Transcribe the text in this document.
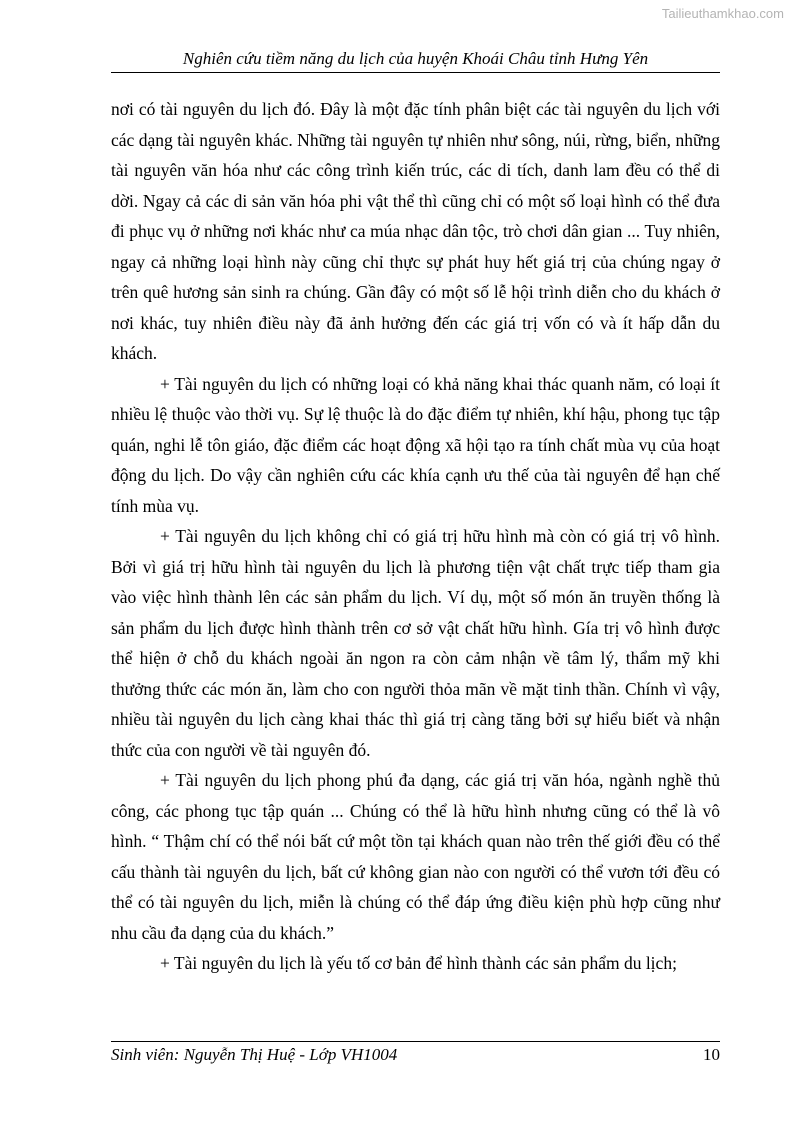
Tailieuthamkhao.com
Nghiên cứu tiềm năng du lịch của huyện Khoái Châu tỉnh Hưng Yên

nơi có tài nguyên du lịch đó. Đây là một đặc tính phân biệt các tài nguyên du lịch với các dạng tài nguyên khác. Những tài nguyên tự nhiên như sông, núi, rừng, biển, những tài nguyên văn hóa như các công trình kiến trúc, các di tích, danh lam đều có thể di dời. Ngay cả các di sản văn hóa phi vật thể thì cũng chỉ có một số loại hình có thể đưa đi phục vụ ở những nơi khác như ca múa nhạc dân tộc, trò chơi dân gian ... Tuy nhiên, ngay cả những loại hình này cũng chỉ thực sự phát huy hết giá trị của chúng ngay ở trên quê hương sản sinh ra chúng. Gần đây có một số lễ hội trình diễn cho du khách ở nơi khác, tuy nhiên điều này đã ảnh hưởng đến các giá trị vốn có và ít hấp dẫn du khách.

+ Tài nguyên du lịch có những loại có khả năng khai thác quanh năm, có loại ít nhiều lệ thuộc vào thời vụ. Sự lệ thuộc là do đặc điểm tự nhiên, khí hậu, phong tục tập quán, nghi lễ tôn giáo, đặc điểm các hoạt động xã hội tạo ra tính chất mùa vụ của hoạt động du lịch. Do vậy cần nghiên cứu các khía cạnh ưu thế của tài nguyên để hạn chế tính mùa vụ.

+ Tài nguyên du lịch không chỉ có giá trị hữu hình mà còn có giá trị vô hình. Bởi vì giá trị hữu hình tài nguyên du lịch là phương tiện vật chất trực tiếp tham gia vào việc hình thành lên các sản phẩm du lịch. Ví dụ, một số món ăn truyền thống là sản phẩm du lịch được hình thành trên cơ sở vật chất hữu hình. Gía trị vô hình được thể hiện ở chỗ du khách ngoài ăn ngon ra còn cảm nhận về tâm lý, thẩm mỹ khi thưởng thức các món ăn, làm cho con người thỏa mãn về mặt tinh thần. Chính vì vậy, nhiều tài nguyên du lịch càng khai thác thì giá trị càng tăng bởi sự hiểu biết và nhận thức của con người về tài nguyên đó.

+ Tài nguyên du lịch phong phú đa dạng, các giá trị văn hóa, ngành nghề thủ công, các phong tục tập quán ... Chúng có thể là hữu hình nhưng cũng có thể là vô hình. “ Thậm chí có thể nói bất cứ một tồn tại khách quan nào trên thế giới đều có thể cấu thành tài nguyên du lịch, bất cứ không gian nào con người có thể vươn tới đều có thể có tài nguyên du lịch, miễn là chúng có thể đáp ứng điều kiện phù hợp cũng như nhu cầu đa dạng của du khách.”

+ Tài nguyên du lịch là yếu tố cơ bản để hình thành các sản phẩm du lịch;

Sinh viên: Nguyễn Thị Huệ - Lớp VH1004	10
